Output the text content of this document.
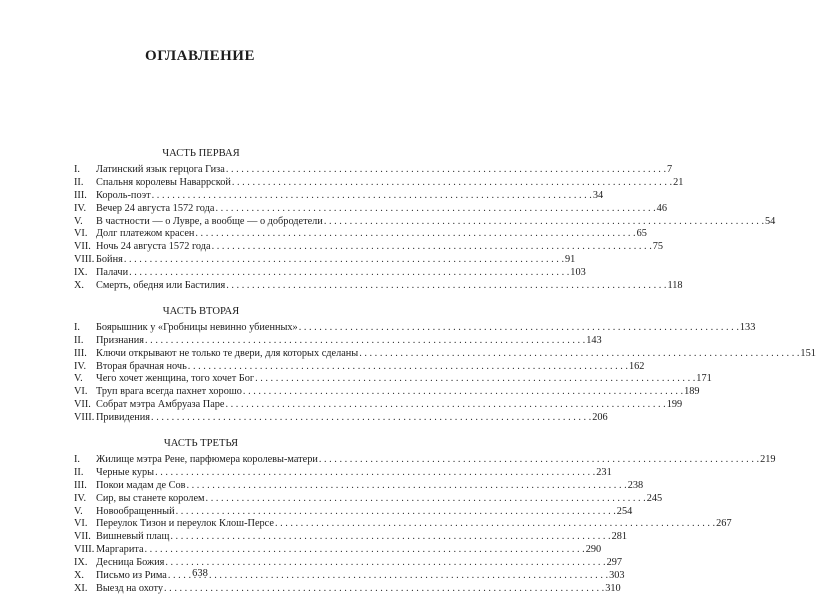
ОГЛАВЛЕНИЕ
ЧАСТЬ ПЕРВАЯ
I. Латинский язык герцога Гиза . . .	7
II. Спальня королевы Наваррской . . .	21
III. Король-поэт . . .	34
IV. Вечер 24 августа 1572 года . . .	46
V. В частности — о Лувре, а вообще — о добродетели . . .	54
VI. Долг платежом красен . . .	65
VII. Ночь 24 августа 1572 года . . .	75
VIII. Бойня . . .	91
IX. Палачи . . .	103
X. Смерть, обедня или Бастилия . . .	118
ЧАСТЬ ВТОРАЯ
I. Боярышник у «Гробницы невинно убиенных» . . .	133
II. Признания . . .	143
III. Ключи открывают не только те двери, для которых сделаны . . .	151
IV. Вторая брачная ночь . . .	162
V. Чего хочет женщина, того хочет Бог . . .	171
VI. Труп врага всегда пахнет хорошо . . .	189
VII. Собрат мэтра Амбруаза Паре . . .	199
VIII. Привидения . . .	206
ЧАСТЬ ТРЕТЬЯ
I. Жилище мэтра Рене, парфюмера королевы-матери . . .	219
II. Черные куры . . .	231
III. Покои мадам де Сов . . .	238
IV. Сир, вы станете королем . . .	245
V. Новообращенный . . .	254
VI. Переулок Тизон и переулок Клош-Персе . . .	267
VII. Вишневый плащ . . .	281
VIII. Маргарита . . .	290
IX. Десница Божия . . .	297
X. Письмо из Рима . . .	303
XI. Выезд на охоту . . .	310
638
